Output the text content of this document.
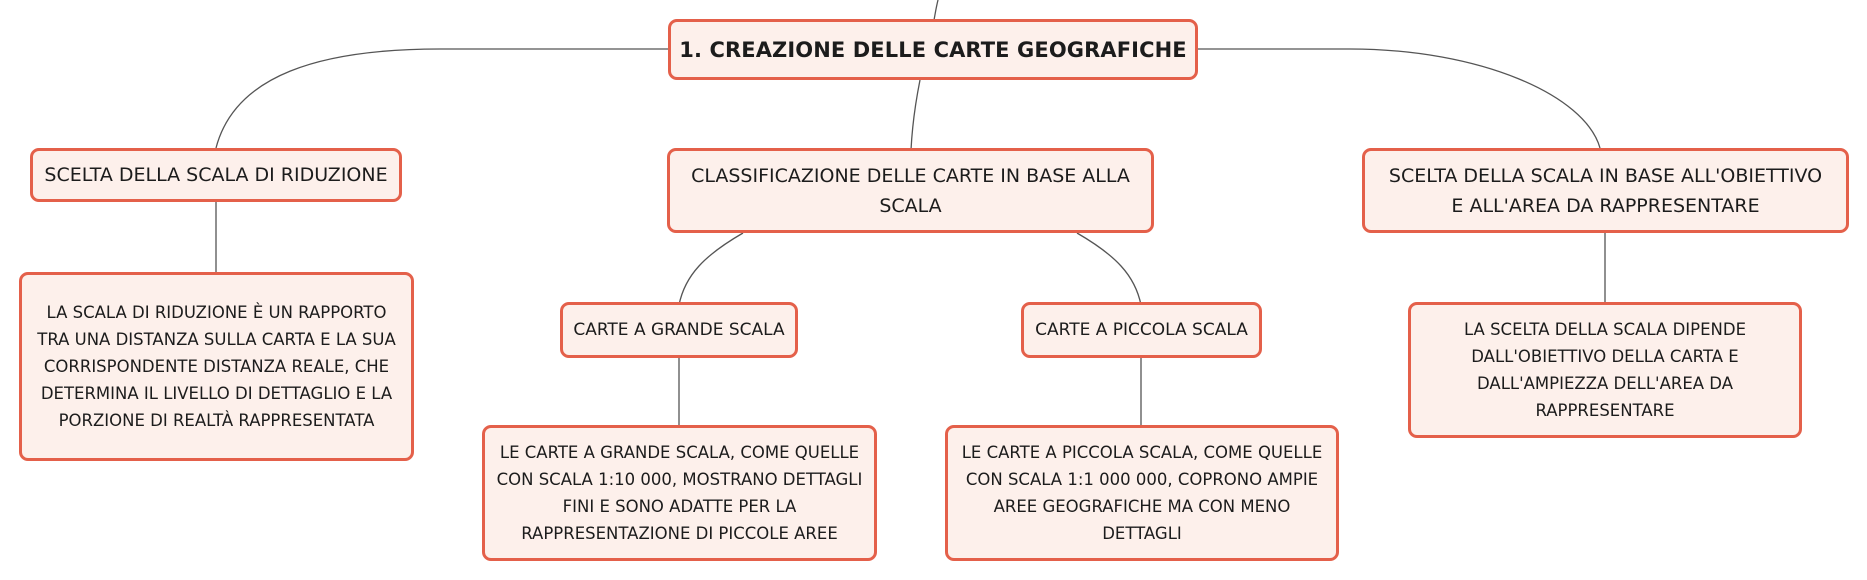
1. CREAZIONE DELLE CARTE GEOGRAFICHE
SCELTA DELLA SCALA DI RIDUZIONE	CLASSIFICAZIONE DELLE CARTE IN BASE ALLA SCALA
SCELTA DELLA SCALA IN BASE ALL'OBIETTIVO E ALL'AREA DA RAPPRESENTARE
LA SCALA DI RIDUZIONE È UN RAPPORTO TRA UNA DISTANZA SULLA CARTA E LA SUA CORRISPONDENTE DISTANZA REALE, CHE DETERMINA IL LIVELLO DI DETTAGLIO E LA PORZIONE DI REALTÀ RAPPRESENTATA
CARTE A GRANDE SCALA	CARTE A PICCOLA SCALA	LA SCELTA DELLA SCALA DIPENDE DALL'OBIETTIVO DELLA CARTA E DALL'AMPIEZZA DELL'AREA DA RAPPRESENTARE
LE CARTE A GRANDE SCALA, COME QUELLE CON SCALA 1:10 000, MOSTRANO DETTAGLI FINI E SONO ADATTE PER LA RAPPRESENTAZIONE DI PICCOLE AREE
LE CARTE A PICCOLA SCALA, COME QUELLE CON SCALA 1:1 000 000, COPRONO AMPIE AREE GEOGRAFICHE MA CON MENO DETTAGLI
